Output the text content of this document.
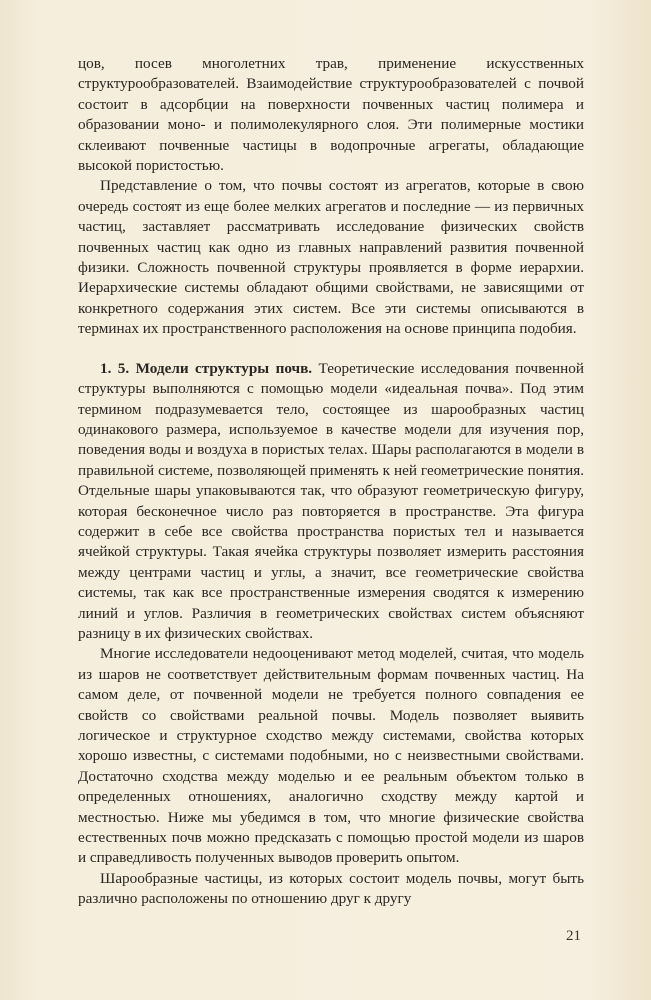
цов, посев многолетних трав, применение искусственных структурообразователей. Взаимодействие структурообразователей с почвой состоит в адсорбции на поверхности почвенных частиц полимера и образовании моно- и полимолекулярного слоя. Эти полимерные мостики склеивают почвенные частицы в водопрочные агрегаты, обладающие высокой пористостью.

Представление о том, что почвы состоят из агрегатов, которые в свою очередь состоят из еще более мелких агрегатов и последние — из первичных частиц, заставляет рассматривать исследование физических свойств почвенных частиц как одно из главных направлений развития почвенной физики. Сложность почвенной структуры проявляется в форме иерархии. Иерархические системы обладают общими свойствами, не зависящими от конкретного содержания этих систем. Все эти системы описываются в терминах их пространственного расположения на основе принципа подобия.

1. 5. Модели структуры почв. Теоретические исследования почвенной структуры выполняются с помощью модели «идеальная почва». Под этим термином подразумевается тело, состоящее из шарообразных частиц одинакового размера, используемое в качестве модели для изучения пор, поведения воды и воздуха в пористых телах. Шары располагаются в модели в правильной системе, позволяющей применять к ней геометрические понятия. Отдельные шары упаковываются так, что образуют геометрическую фигуру, которая бесконечное число раз повторяется в пространстве. Эта фигура содержит в себе все свойства пространства пористых тел и называется ячейкой структуры. Такая ячейка структуры позволяет измерить расстояния между центрами частиц и углы, а значит, все геометрические свойства системы, так как все пространственные измерения сводятся к измерению линий и углов. Различия в геометрических свойствах систем объясняют разницу в их физических свойствах.

Многие исследователи недооценивают метод моделей, считая, что модель из шаров не соответствует действительным формам почвенных частиц. На самом деле, от почвенной модели не требуется полного совпадения ее свойств со свойствами реальной почвы. Модель позволяет выявить логическое и структурное сходство между системами, свойства которых хорошо известны, с системами подобными, но с неизвестными свойствами. Достаточно сходства между моделью и ее реальным объектом только в определенных отношениях, аналогично сходству между картой и местностью. Ниже мы убедимся в том, что многие физические свойства естественных почв можно предсказать с помощью простой модели из шаров и справедливость полученных выводов проверить опытом.

Шарообразные частицы, из которых состоит модель почвы, могут быть различно расположены по отношению друг к другу

21
